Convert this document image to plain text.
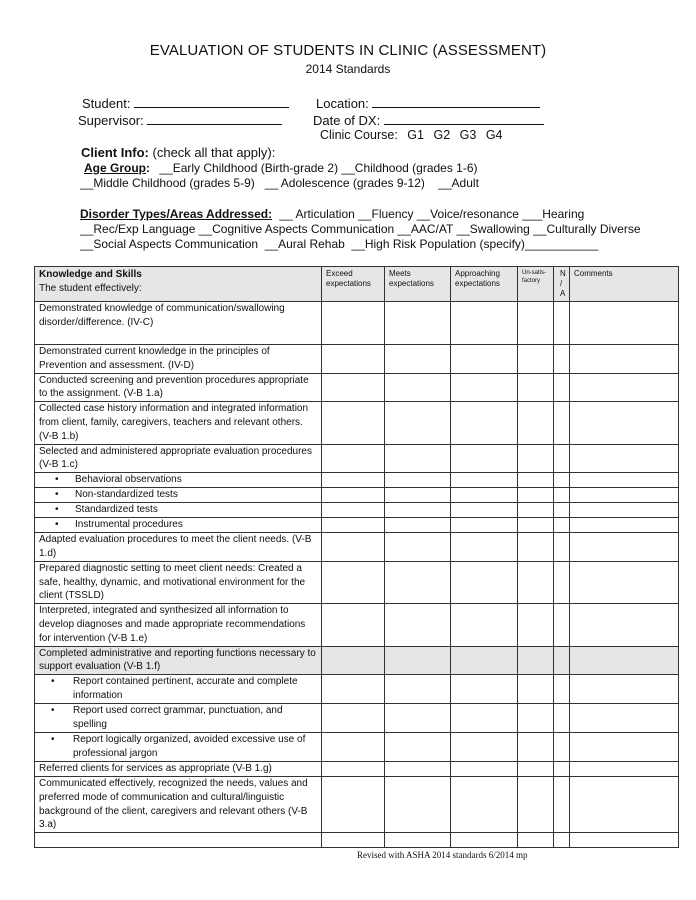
EVALUATION OF STUDENTS IN CLINIC (ASSESSMENT)
2014 Standards
Student:	Location:
Supervisor:	Date of DX:
Clinic Course: G1 G2 G3 G4
Client Info: (check all that apply):
Age Group: __Early Childhood (Birth-grade 2) __Childhood (grades 1-6)
__Middle Childhood (grades 5-9)   __ Adolescence (grades 9-12)    __Adult
Disorder Types/Areas Addressed: __ Articulation __Fluency __Voice/resonance ___Hearing
__Rec/Exp Language __Cognitive Aspects Communication __AAC/AT __Swallowing __Culturally Diverse
__Social Aspects Communication  __Aural Rehab  __High Risk Population (specify)___________
Knowledge and Skills
The student effectively:	Exceed expectations	Meets expectations	Approaching expectations	Un-satis-factory	N / A	Comments
Demonstrated knowledge of communication/swallowing disorder/difference. (IV-C)						
Demonstrated current knowledge in the principles of Prevention and assessment. (IV-D)						
Conducted screening and prevention procedures appropriate to the assignment. (V-B 1.a)						
Collected case history information and integrated information from client, family, caregivers, teachers and relevant others. (V-B 1.b)						
Selected and administered appropriate evaluation procedures (V-B 1.c)						

• Behavioral observations						

• Non-standardized tests						

• Standardized tests						

• Instrumental procedures						

Adapted evaluation procedures to meet the client needs. (V-B 1.d)						
Prepared diagnostic setting to meet client needs: Created a safe, healthy, dynamic, and motivational environment for the client (TSSLD)						
Interpreted, integrated and synthesized all information to develop diagnoses and made appropriate recommendations for intervention (V-B 1.e)						
Completed administrative and reporting functions necessary to support evaluation (V-B 1.f)						

• Report contained pertinent, accurate and complete information						

• Report used correct grammar, punctuation, and spelling						

• Report logically organized, avoided excessive use of professional jargon						

Referred clients for services as appropriate (V-B 1.g)						
Communicated effectively, recognized the needs, values and preferred mode of communication and cultural/linguistic background of the client, caregivers and relevant others (V-B 3.a)						

Revised with ASHA 2014 standards 6/2014 mp
